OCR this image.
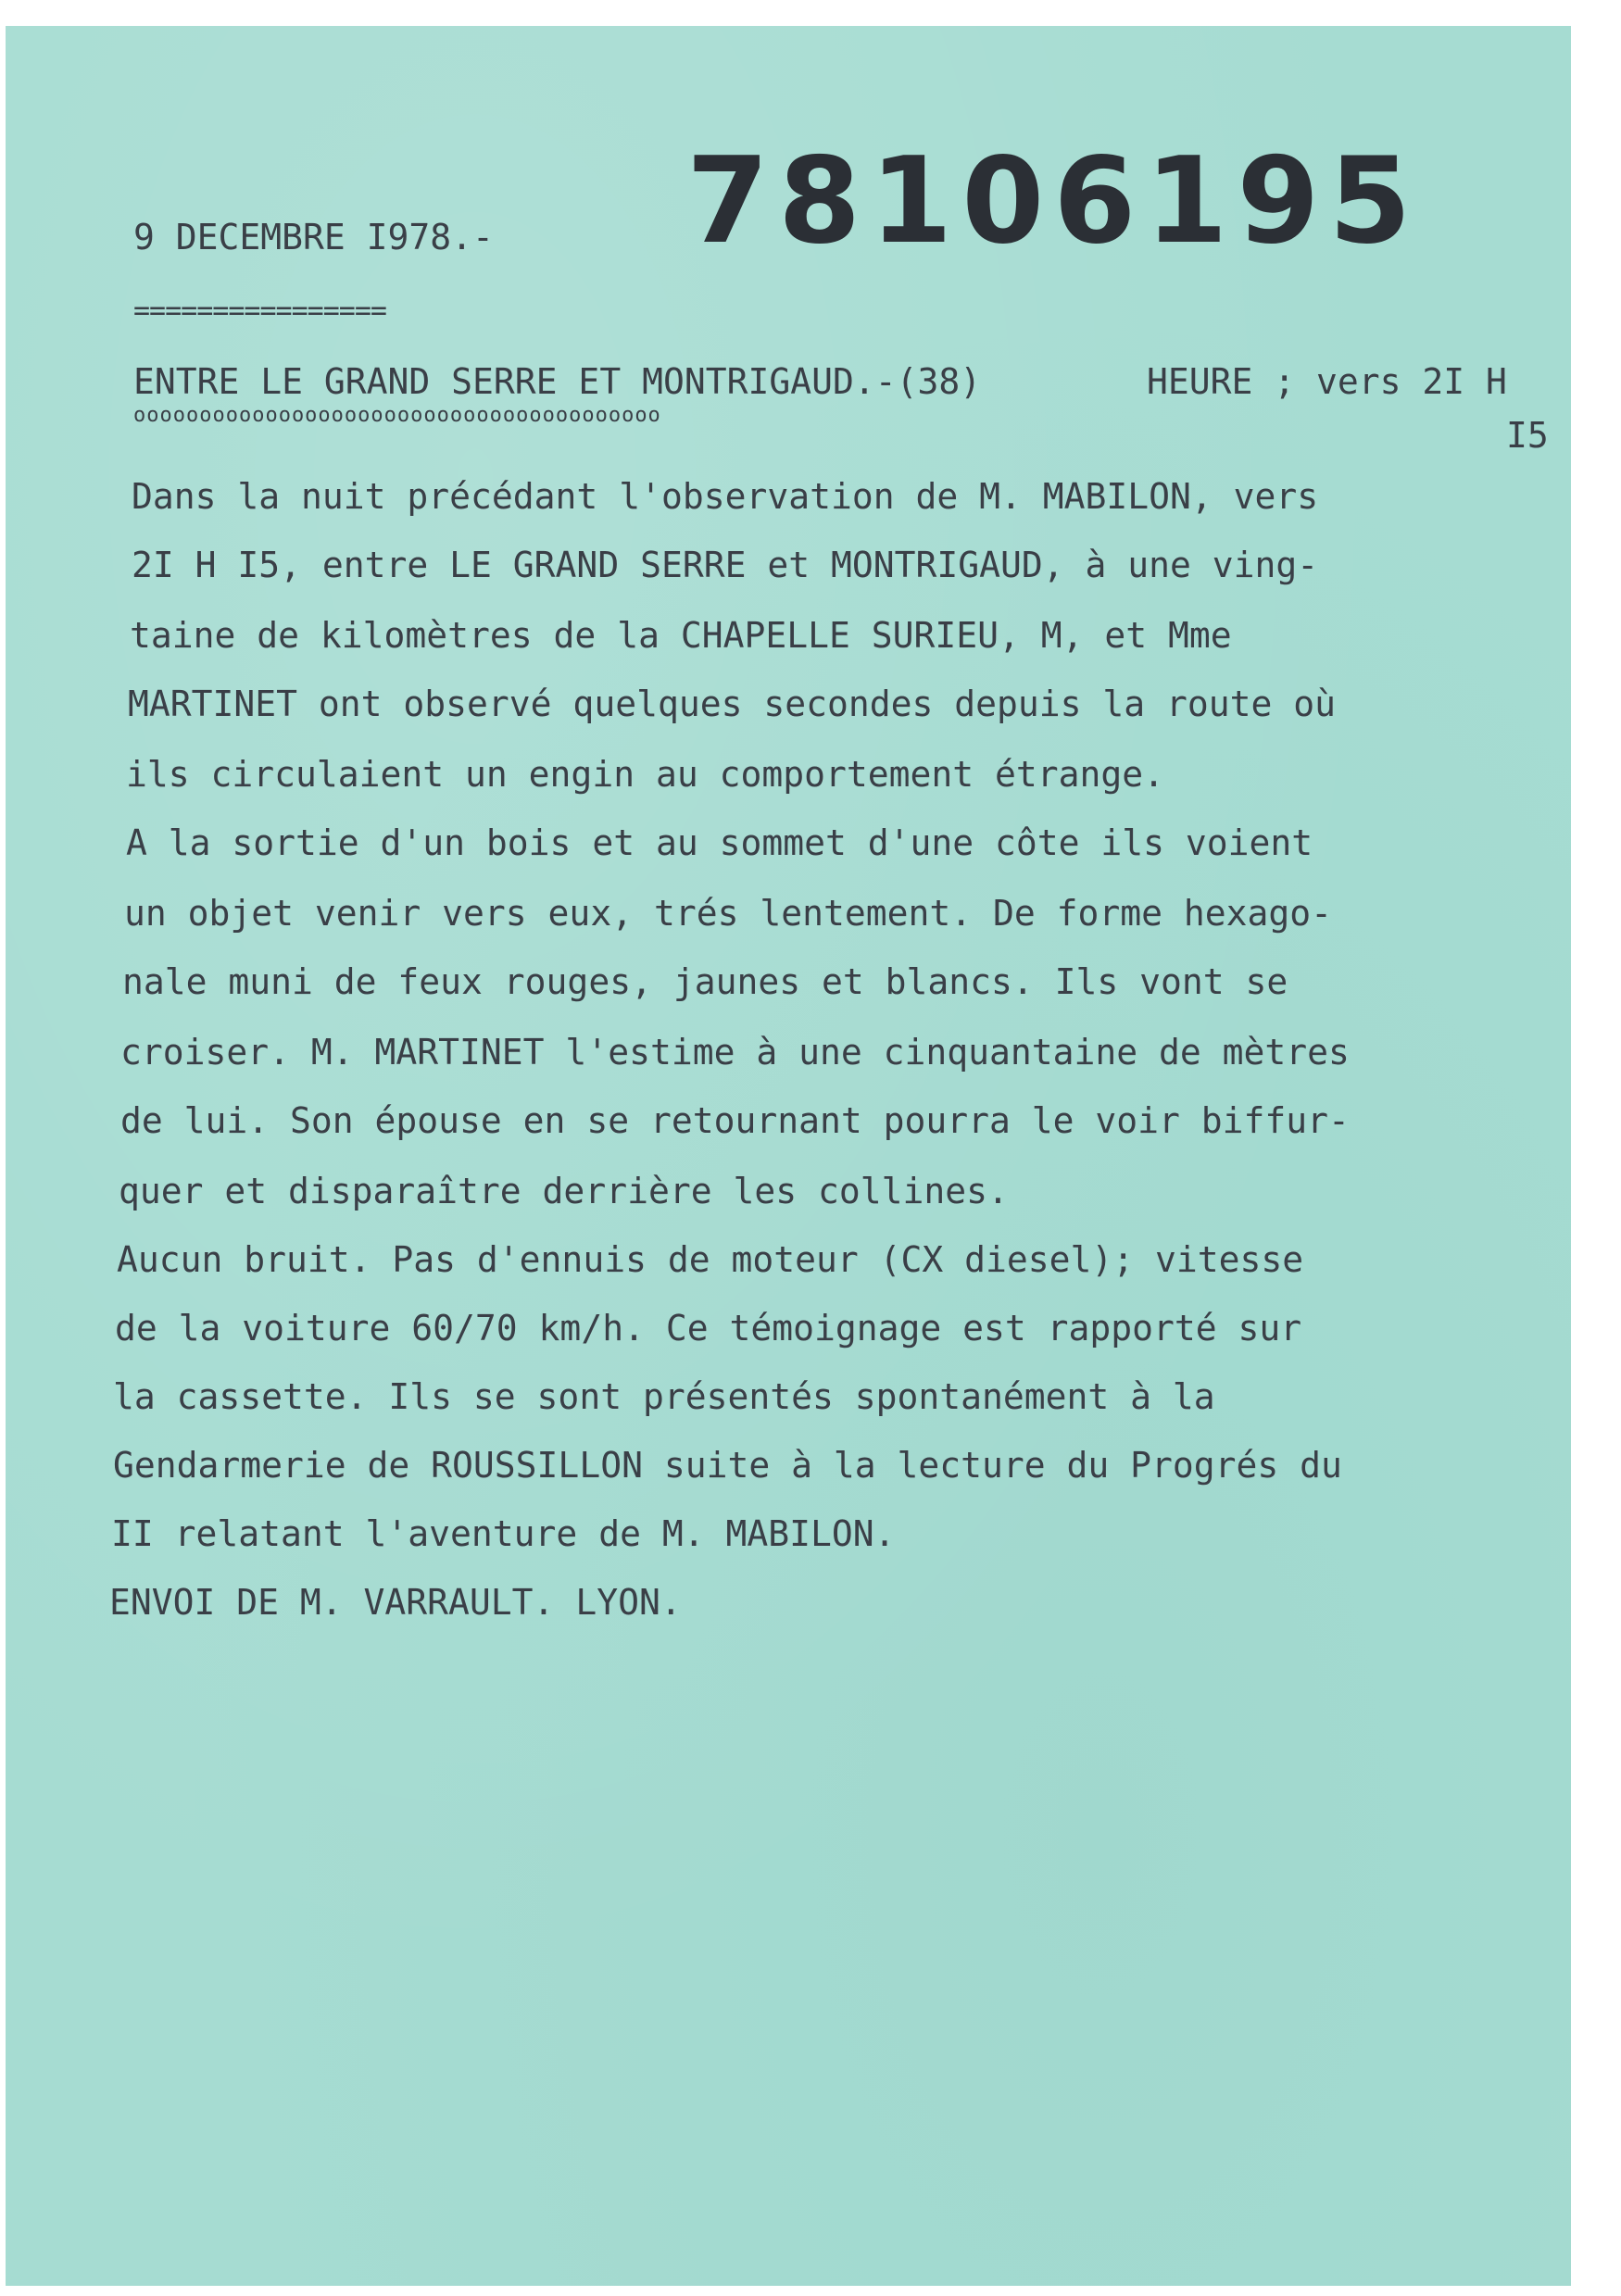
9 DECEMBRE I978.- 78106195
================
ENTRE LE GRAND SERRE ET MONTRIGAUD.-(38)	HEURE ; vers 2I H
I5
oooooooooooooooooooooooooooooooooooooooo
Dans la nuit précédant l'observation de M. MABILON, vers
2I H I5, entre LE GRAND SERRE et MONTRIGAUD, à une ving-
taine de kilomètres de la CHAPELLE SURIEU, M, et Mme
MARTINET ont observé quelques secondes depuis la route où
ils circulaient un engin au comportement étrange.
A la sortie d'un bois et au sommet d'une côte ils voient
un objet venir vers eux, trés lentement. De forme hexago-
nale muni de feux rouges, jaunes et blancs. Ils vont se
croiser. M. MARTINET l'estime à une cinquantaine de mètres
de lui. Son épouse en se retournant pourra le voir biffur-
quer et disparaître derrière les collines.
Aucun bruit. Pas d'ennuis de moteur (CX diesel); vitesse
de la voiture 60/70 km/h. Ce témoignage est rapporté sur
la cassette. Ils se sont présentés spontanément à la
Gendarmerie de ROUSSILLON suite à la lecture du Progrés du
II relatant l'aventure de M. MABILON.
ENVOI DE M. VARRAULT. LYON.
